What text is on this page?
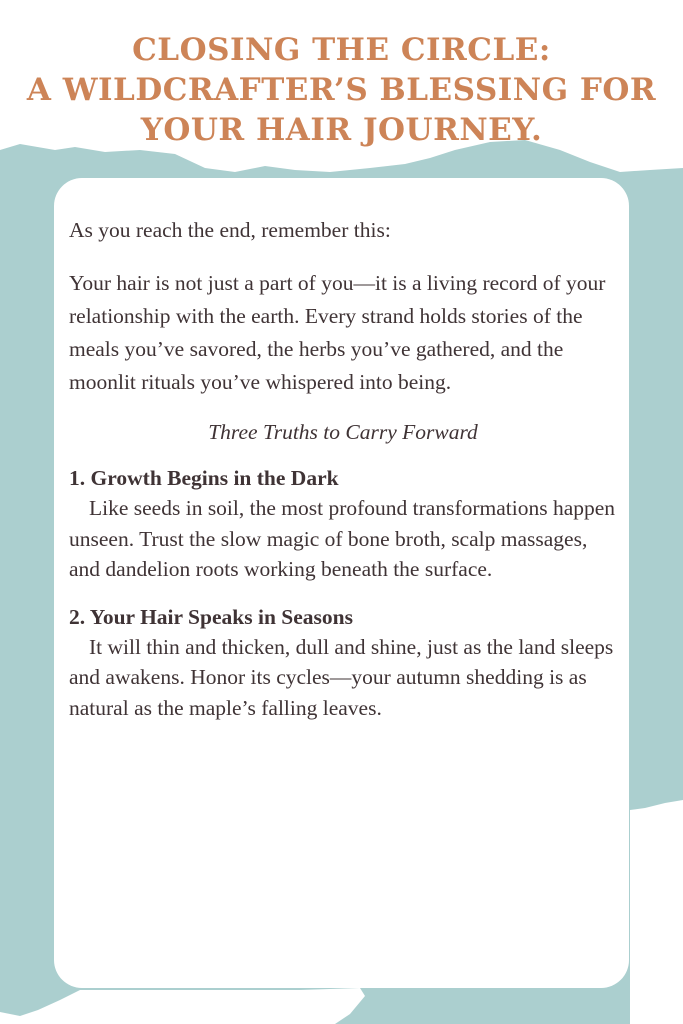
CLOSING THE CIRCLE:
A WILDCRAFTER’S BLESSING FOR
YOUR HAIR JOURNEY.

As you reach the end, remember this:

Your hair is not just a part of you—it is a living record of your relationship with the earth. Every strand holds stories of the meals you’ve savored, the herbs you’ve gathered, and the moonlit rituals you’ve whispered into being.

Three Truths to Carry Forward

1. Growth Begins in the Dark

Like seeds in soil, the most profound transformations happen unseen. Trust the slow magic of bone broth, scalp massages, and dandelion roots working beneath the surface.

2. Your Hair Speaks in Seasons

It will thin and thicken, dull and shine, just as the land sleeps and awakens. Honor its cycles—your autumn shedding is as natural as the maple’s falling leaves.
